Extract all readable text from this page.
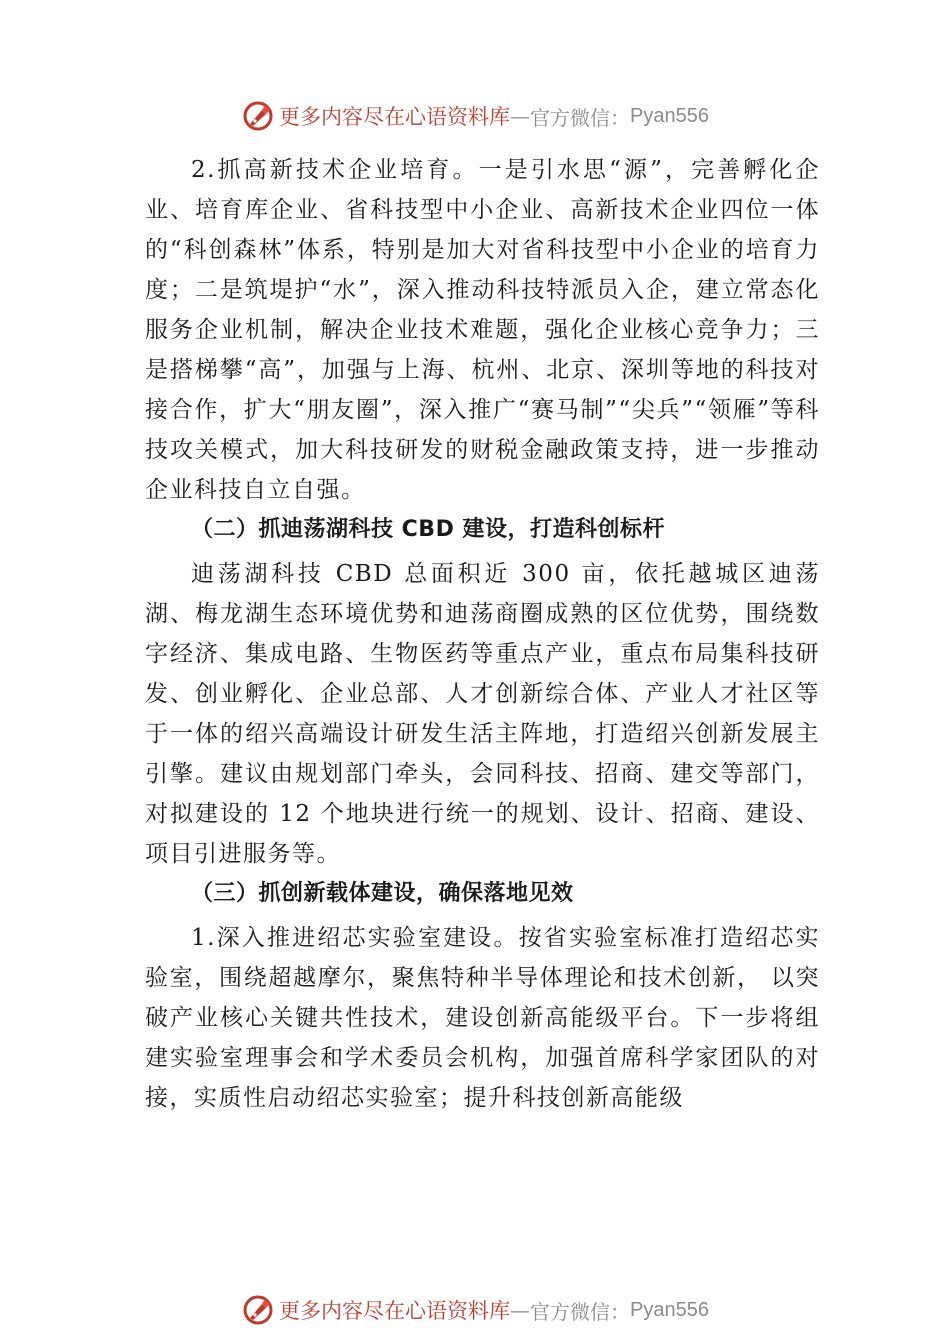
更多内容尽在心语资料库 — 官方微信： Pyan556

2.抓高新技术企业培育。一是引水思“源”，完善孵化企业、培育库企业、省科技型中小企业、高新技术企业四位一体的“科创森林”体系，特别是加大对省科技型中小企业的培育力度；二是筑堤护“水”，深入推动科技特派员入企，建立常态化服务企业机制，解决企业技术难题，强化企业核心竞争力；三是搭梯攀“高”，加强与上海、杭州、北京、深圳等地的科技对接合作，扩大“朋友圈”，深入推广“赛马制”“尖兵”“领雁”等科技攻关模式，加大科技研发的财税金融政策支持，进一步推动企业科技自立自强。

（二）抓迪荡湖科技 CBD 建设，打造科创标杆

迪荡湖科技 CBD 总面积近 300 亩，依托越城区迪荡湖、梅龙湖生态环境优势和迪荡商圈成熟的区位优势，围绕数字经济、集成电路、生物医药等重点产业，重点布局集科技研发、创业孵化、企业总部、人才创新综合体、产业人才社区等于一体的绍兴高端设计研发生活主阵地，打造绍兴创新发展主引擎。建议由规划部门牵头，会同科技、招商、建交等部门，对拟建设的 12 个地块进行统一的规划、设计、招商、建设、项目引进服务等。

（三）抓创新载体建设，确保落地见效

1.深入推进绍芯实验室建设。按省实验室标准打造绍芯实验室，围绕超越摩尔，聚焦特种半导体理论和技术创新， 以突破产业核心关键共性技术，建设创新高能级平台。下一步将组建实验室理事会和学术委员会机构，加强首席科学家团队的对接，实质性启动绍芯实验室；提升科技创新高能级

更多内容尽在心语资料库 — 官方微信： Pyan556
